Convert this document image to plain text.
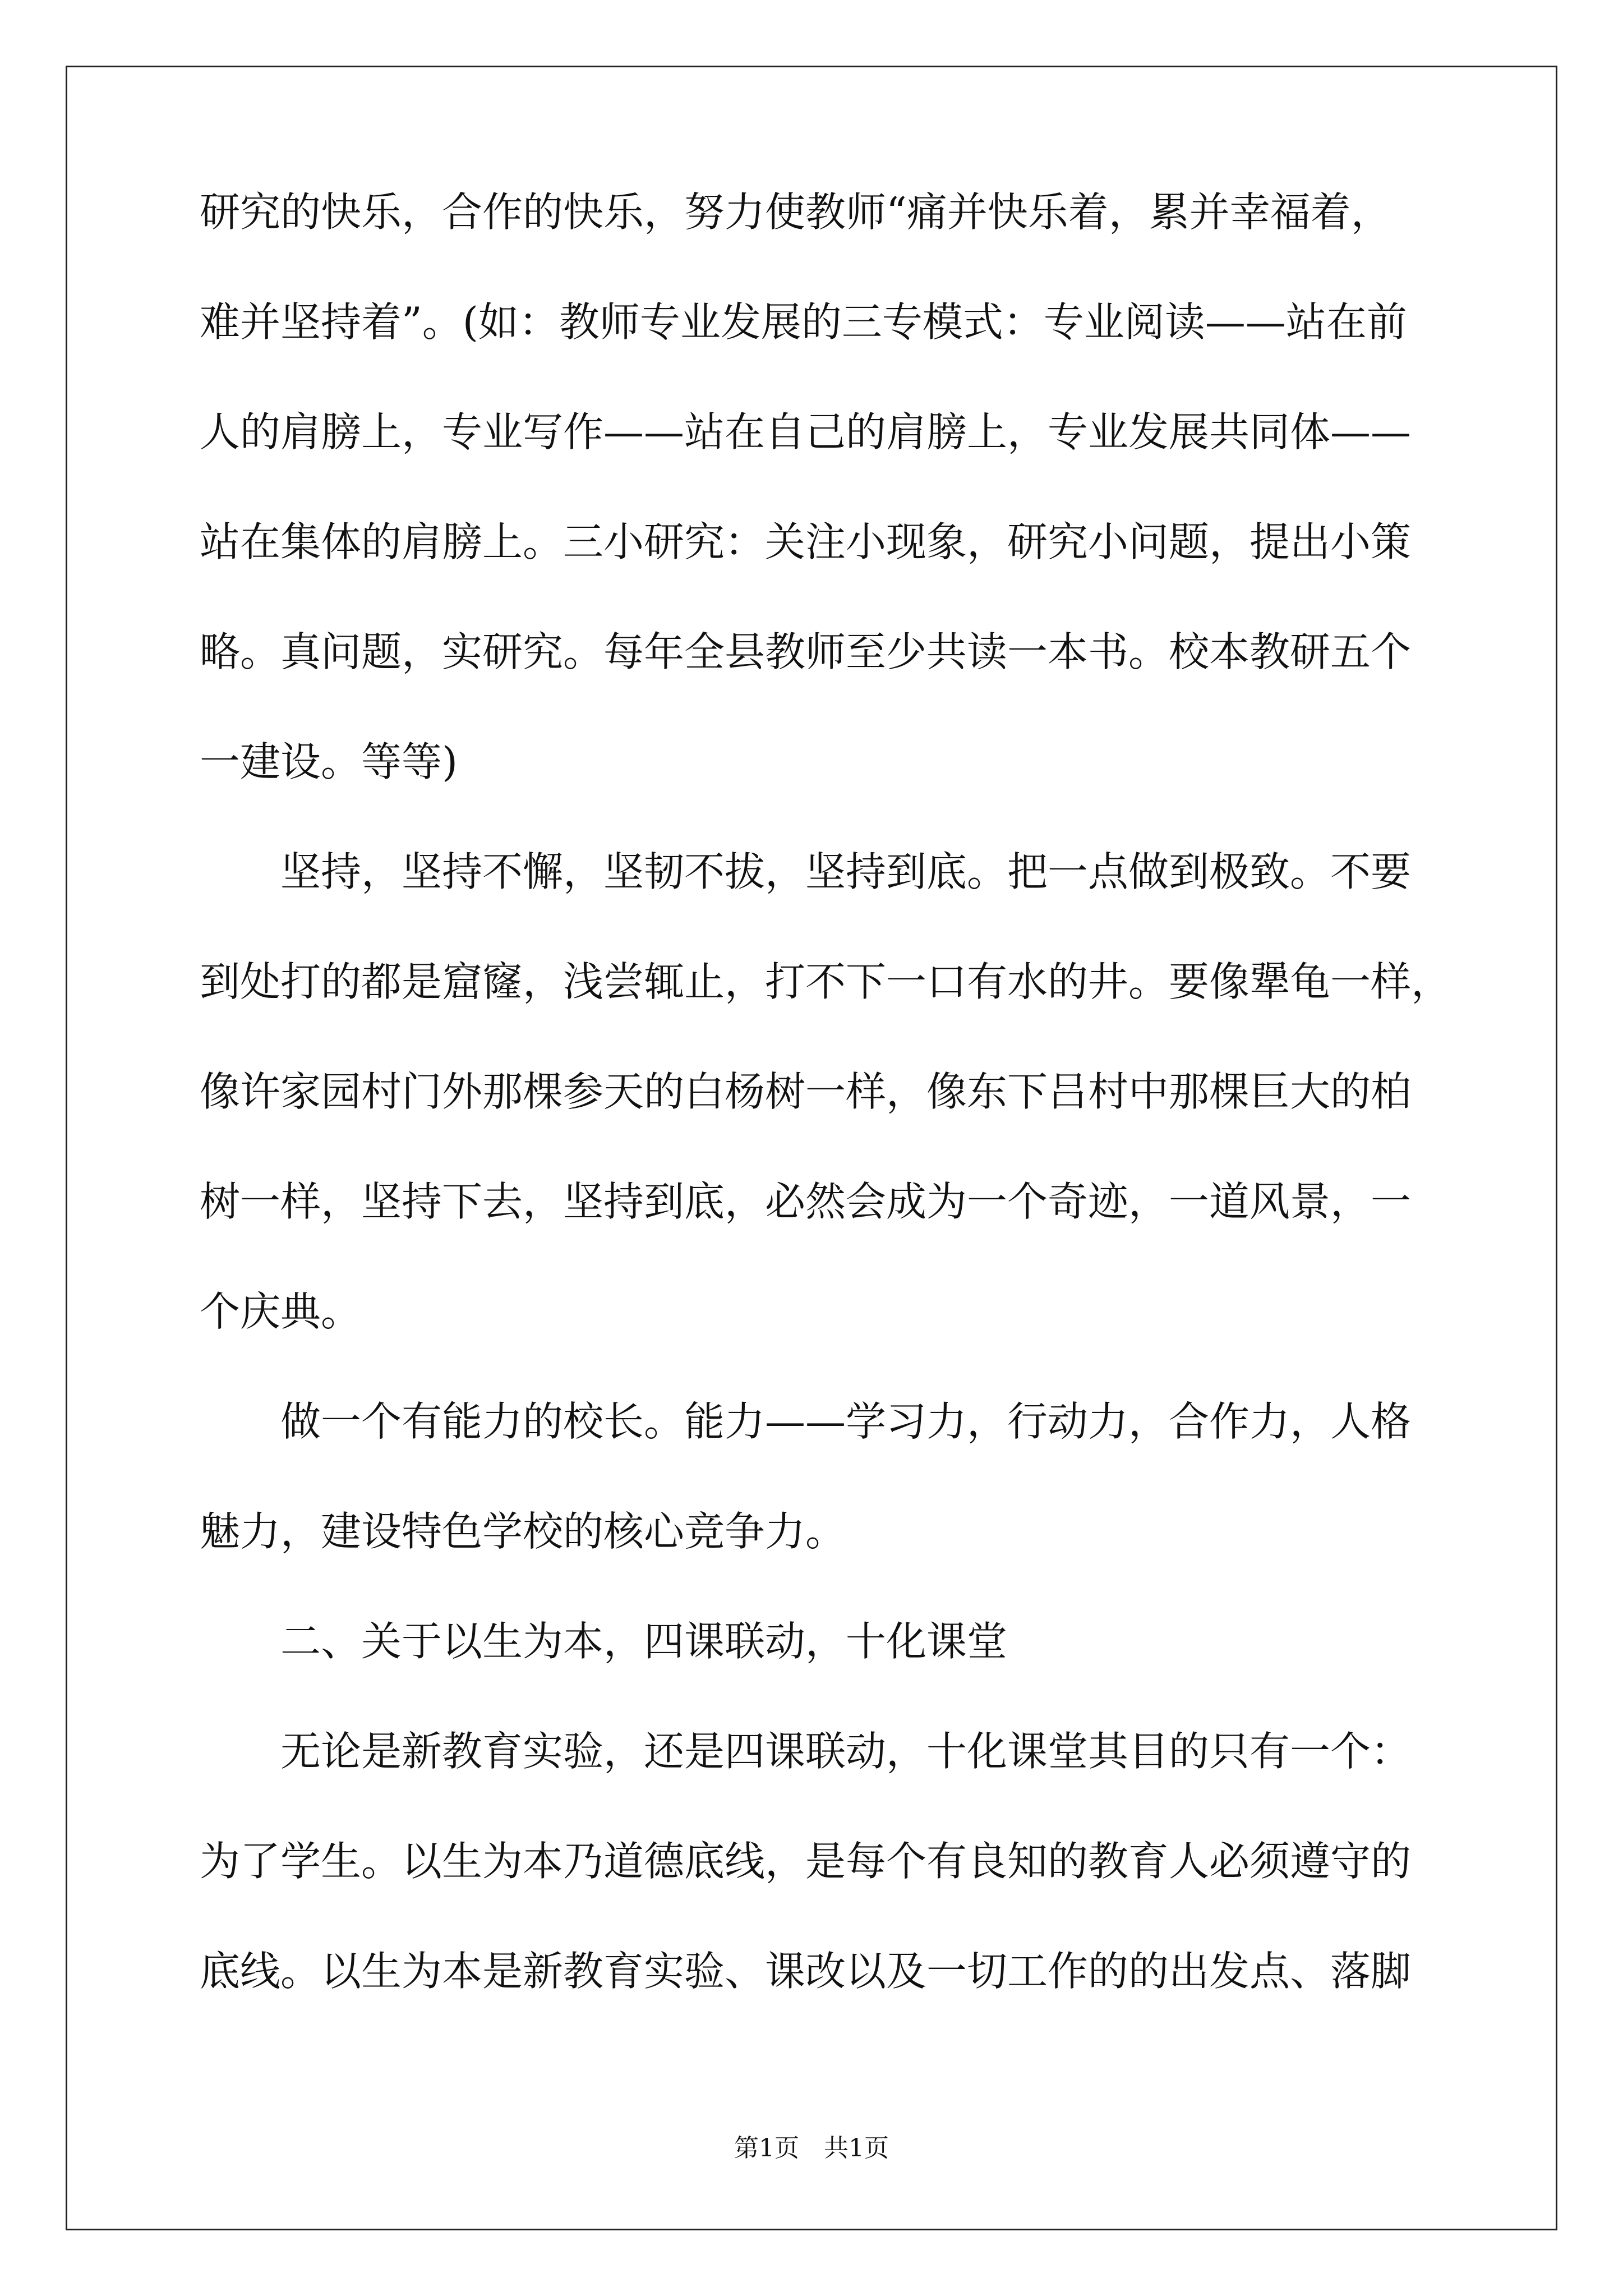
研究的快乐，合作的快乐，努力使教师“痛并快乐着，累并幸福着，
难并坚持着”。(如：教师专业发展的三专模式：专业阅读——站在前
人的肩膀上，专业写作——站在自己的肩膀上，专业发展共同体——
站在集体的肩膀上。三小研究：关注小现象，研究小问题，提出小策
略。真问题，实研究。每年全县教师至少共读一本书。校本教研五个
一建设。等等)
坚持，坚持不懈，坚韧不拔，坚持到底。把一点做到极致。不要
到处打的都是窟窿，浅尝辄止，打不下一口有水的井。要像犟龟一样，
像许家园村门外那棵参天的白杨树一样，像东下吕村中那棵巨大的柏
树一样，坚持下去，坚持到底，必然会成为一个奇迹，一道风景，一
个庆典。
做一个有能力的校长。能力——学习力，行动力，合作力，人格
魅力，建设特色学校的核心竞争力。
二、关于以生为本，四课联动，十化课堂
无论是新教育实验，还是四课联动，十化课堂其目的只有一个：
为了学生。以生为本乃道德底线，是每个有良知的教育人必须遵守的
底线。以生为本是新教育实验、课改以及一切工作的的出发点、落脚
第1页　共1页
